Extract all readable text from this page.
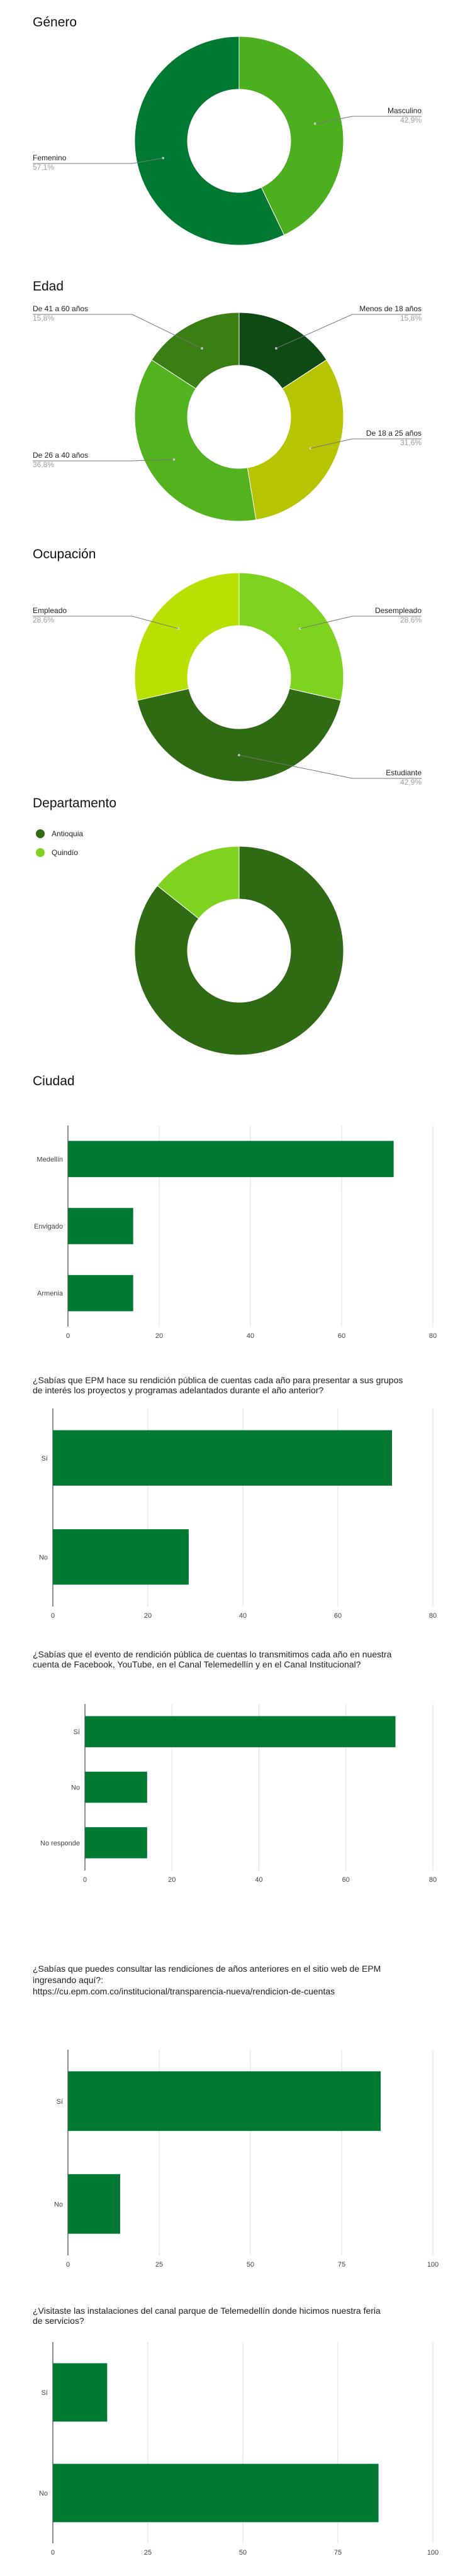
Género
Masculino
42,9%
Femenino
57,1%
Edad
Menos de 18 años
15,8%
De 18 a 25 años
31,6%
De 26 a 40 años
36,8%
De 41 a 60 años
15,8%
Ocupación
Desempleado
28,6%
Estudiante
42,9%
Empleado
28,6%
Departamento
Antioquia
Quindío
Ciudad
0	20	40	60	80
Medellín
Envigado
Armenia
¿Sabías que EPM hace su rendición pública de cuentas cada año para presentar a sus grupos
de interés los proyectos y programas adelantados durante el año anterior?
0	20	40	60	80
Sí
No
¿Sabías que el evento de rendición pública de cuentas lo transmitimos cada año en nuestra
cuenta de Facebook, YouTube, en el Canal Telemedellín y en el Canal Institucional?
0	20	40	60	80
Sí
No
No responde
¿Sabías que puedes consultar las rendiciones de años anteriores en el sitio web de EPM
ingresando aquí?:
https://cu.epm.com.co/institucional/transparencia-nueva/rendicion-de-cuentas
0	25	50	75	100
Sí
No
¿Visitaste las instalaciones del canal parque de Telemedellín donde hicimos nuestra feria
de servicios?
0	25	50	75	100
Sí
No
